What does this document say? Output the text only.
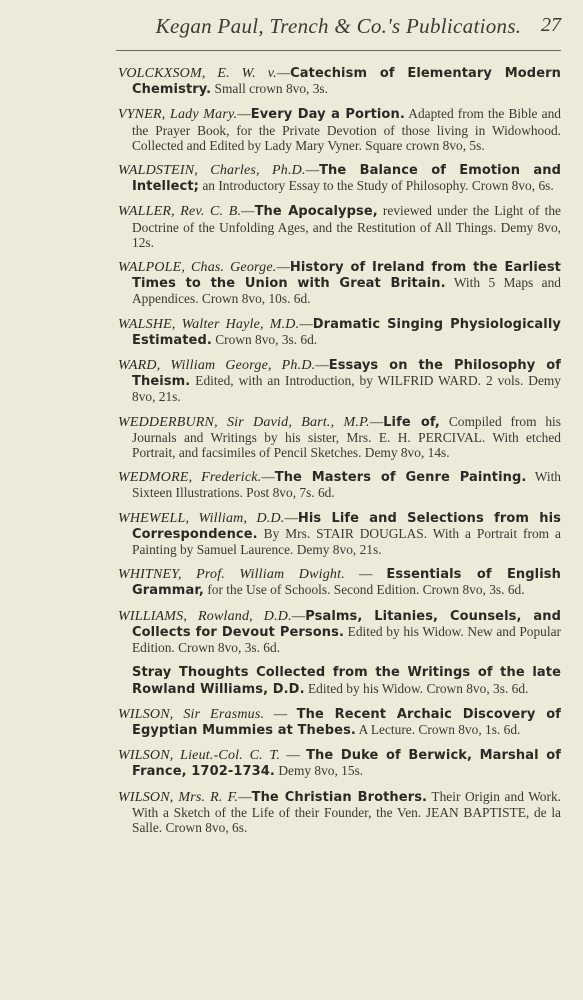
Kegan Paul, Trench & Co.'s Publications. 27

VOLCKXSOM, E. W. v.—Catechism of Elementary Modern Chemistry. Small crown 8vo, 3s.

VYNER, Lady Mary.—Every Day a Portion. Adapted from the Bible and the Prayer Book, for the Private Devotion of those living in Widowhood. Collected and Edited by Lady Mary Vyner. Square crown 8vo, 5s.

WALDSTEIN, Charles, Ph.D.—The Balance of Emotion and Intellect; an Introductory Essay to the Study of Philosophy. Crown 8vo, 6s.

WALLER, Rev. C. B.—The Apocalypse, reviewed under the Light of the Doctrine of the Unfolding Ages, and the Restitution of All Things. Demy 8vo, 12s.

WALPOLE, Chas. George.—History of Ireland from the Earliest Times to the Union with Great Britain. With 5 Maps and Appendices. Crown 8vo, 10s. 6d.

WALSHE, Walter Hayle, M.D.—Dramatic Singing Physiologically Estimated. Crown 8vo, 3s. 6d.

WARD, William George, Ph.D.—Essays on the Philosophy of Theism. Edited, with an Introduction, by WILFRID WARD. 2 vols. Demy 8vo, 21s.

WEDDERBURN, Sir David, Bart., M.P.—Life of, Compiled from his Journals and Writings by his sister, Mrs. E. H. PERCIVAL. With etched Portrait, and facsimiles of Pencil Sketches. Demy 8vo, 14s.

WEDMORE, Frederick.—The Masters of Genre Painting. With Sixteen Illustrations. Post 8vo, 7s. 6d.

WHEWELL, William, D.D.—His Life and Selections from his Correspondence. By Mrs. STAIR DOUGLAS. With a Portrait from a Painting by Samuel Laurence. Demy 8vo, 21s.

WHITNEY, Prof. William Dwight. — Essentials of English Grammar, for the Use of Schools. Second Edition. Crown 8vo, 3s. 6d.

WILLIAMS, Rowland, D.D.—Psalms, Litanies, Counsels, and Collects for Devout Persons. Edited by his Widow. New and Popular Edition. Crown 8vo, 3s. 6d.

Stray Thoughts Collected from the Writings of the late Rowland Williams, D.D. Edited by his Widow. Crown 8vo, 3s. 6d.

WILSON, Sir Erasmus. — The Recent Archaic Discovery of Egyptian Mummies at Thebes. A Lecture. Crown 8vo, 1s. 6d.

WILSON, Lieut.-Col. C. T. — The Duke of Berwick, Marshal of France, 1702-1734. Demy 8vo, 15s.

WILSON, Mrs. R. F.—The Christian Brothers. Their Origin and Work. With a Sketch of the Life of their Founder, the Ven. JEAN BAPTISTE, de la Salle. Crown 8vo, 6s.
